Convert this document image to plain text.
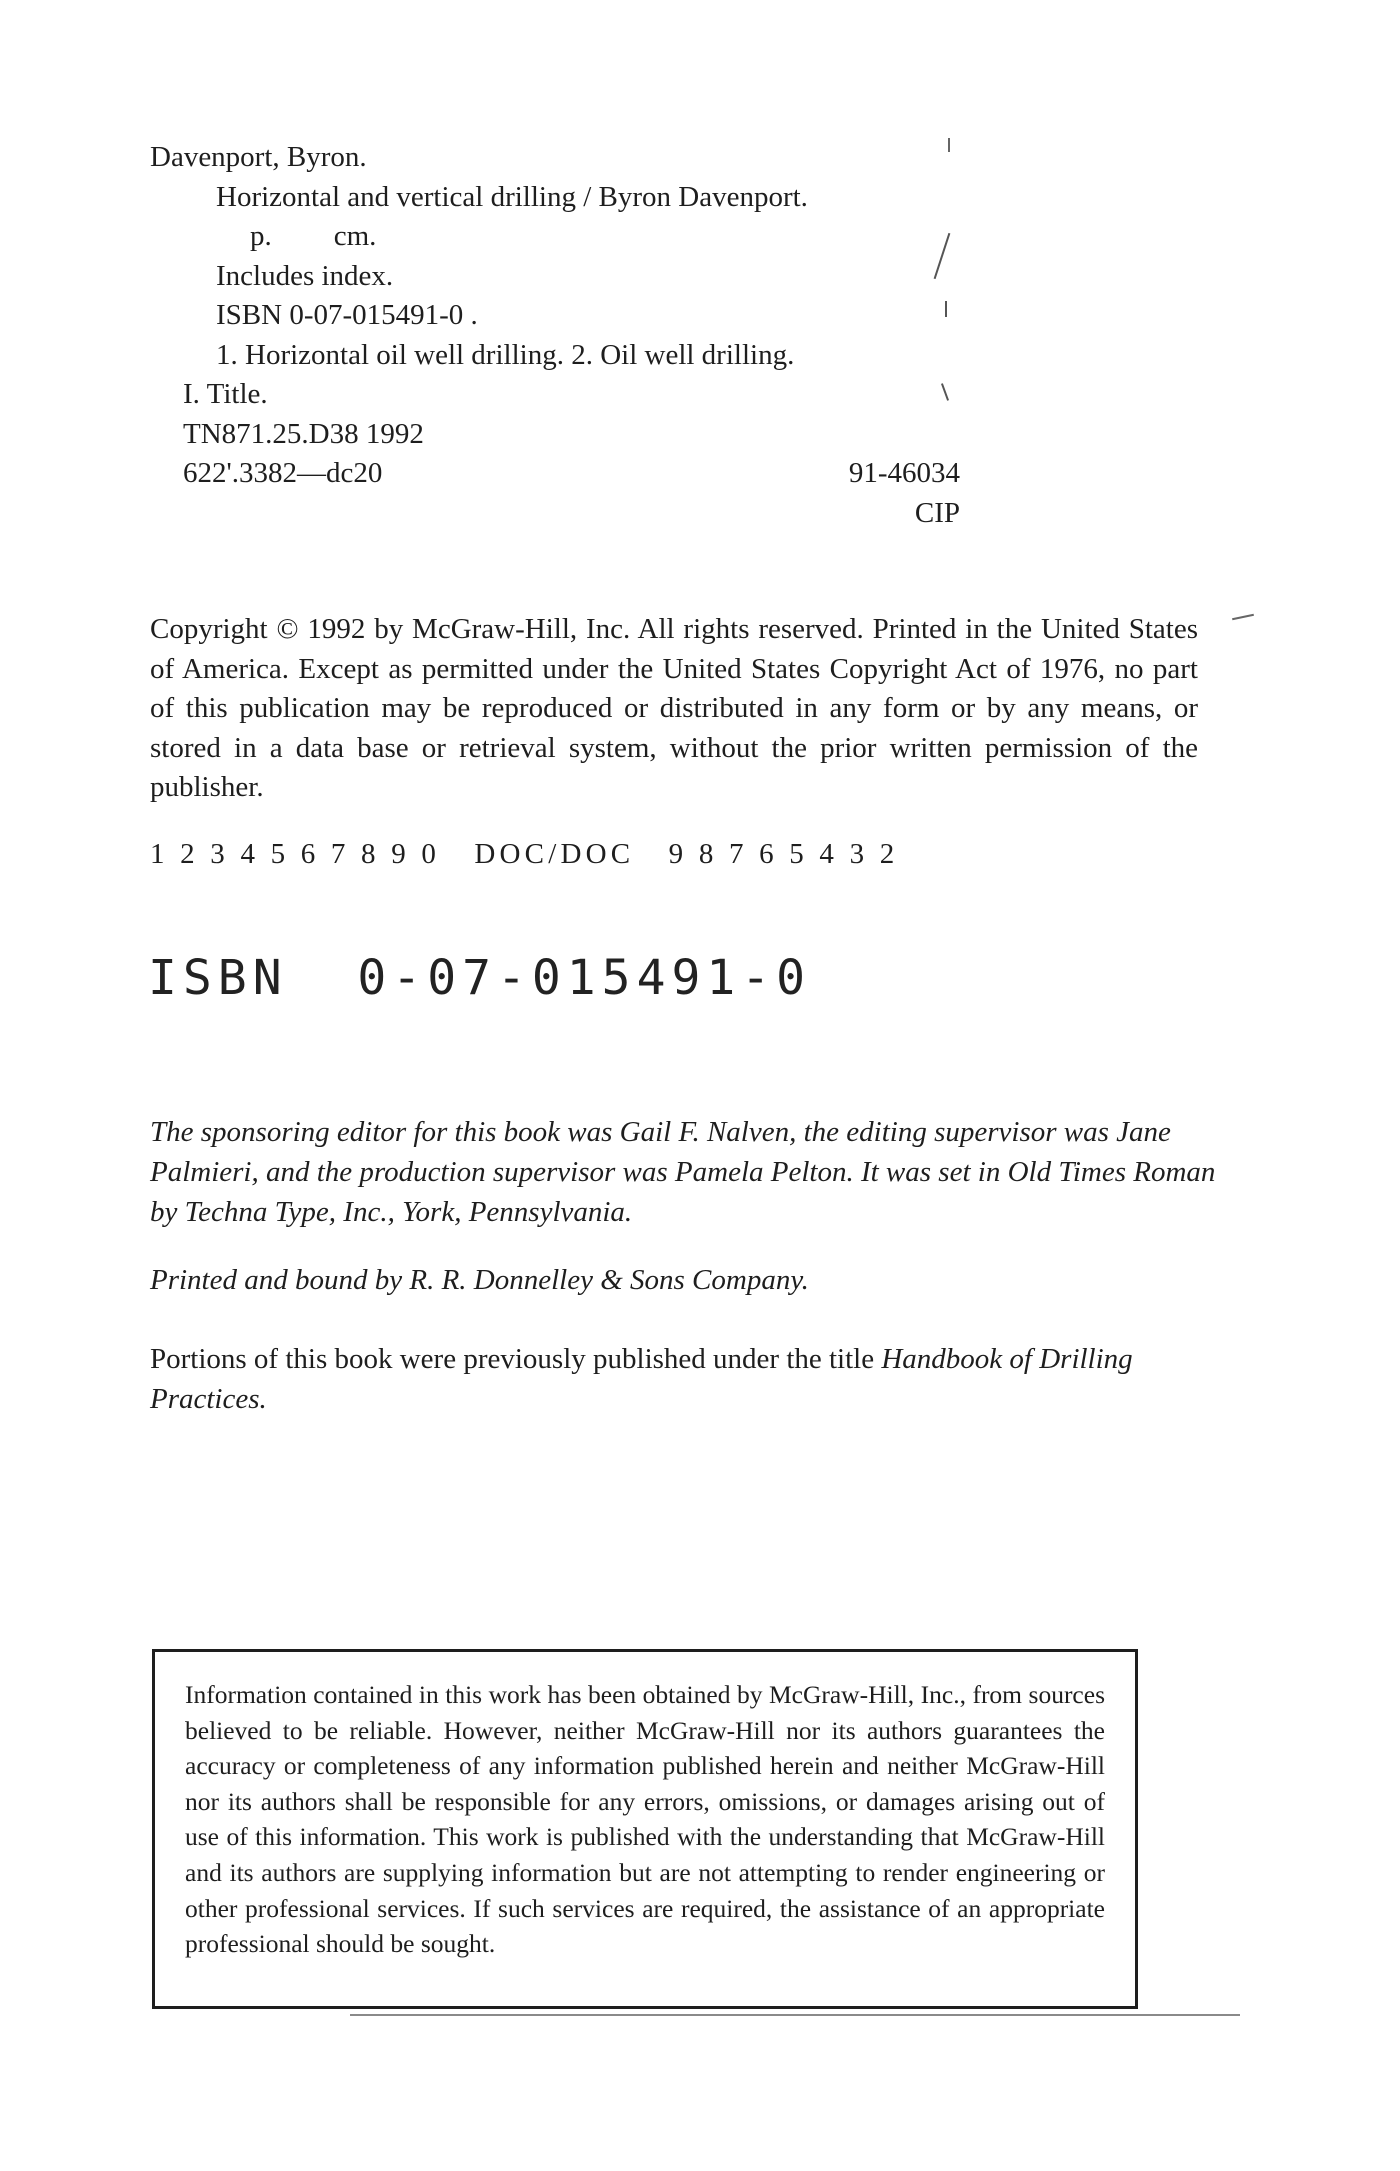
Davenport, Byron.
Horizontal and vertical drilling / Byron Davenport.
p. cm.
Includes index.
ISBN 0-07-015491-0 .
1. Horizontal oil well drilling. 2. Oil well drilling.
I. Title.
TN871.25.D38 1992
622'.3382—dc20	91-46034
CIP
Copyright © 1992 by McGraw-Hill, Inc. All rights reserved. Printed in the United States of America. Except as permitted under the United States Copyright Act of 1976, no part of this publication may be reproduced or distributed in any form or by any means, or stored in a data base or retrieval system, without the prior written permission of the publisher.
1 2 3 4 5 6 7 8 9 0   DOC/DOC   9 8 7 6 5 4 3 2
ISBN  0-07-015491-0
The sponsoring editor for this book was Gail F. Nalven, the editing supervisor was Jane Palmieri, and the production supervisor was Pamela Pelton. It was set in Old Times Roman by Techna Type, Inc., York, Pennsylvania.
Printed and bound by R. R. Donnelley & Sons Company.
Portions of this book were previously published under the title Handbook of Drilling Practices.

Information contained in this work has been obtained by McGraw-Hill, Inc., from sources believed to be reliable. However, neither McGraw-Hill nor its authors guarantees the accuracy or completeness of any information published herein and neither McGraw-Hill nor its authors shall be responsible for any errors, omissions, or damages arising out of use of this information. This work is published with the understanding that McGraw-Hill and its authors are supplying information but are not attempting to render engineering or other professional services. If such services are required, the assistance of an appropriate professional should be sought.
